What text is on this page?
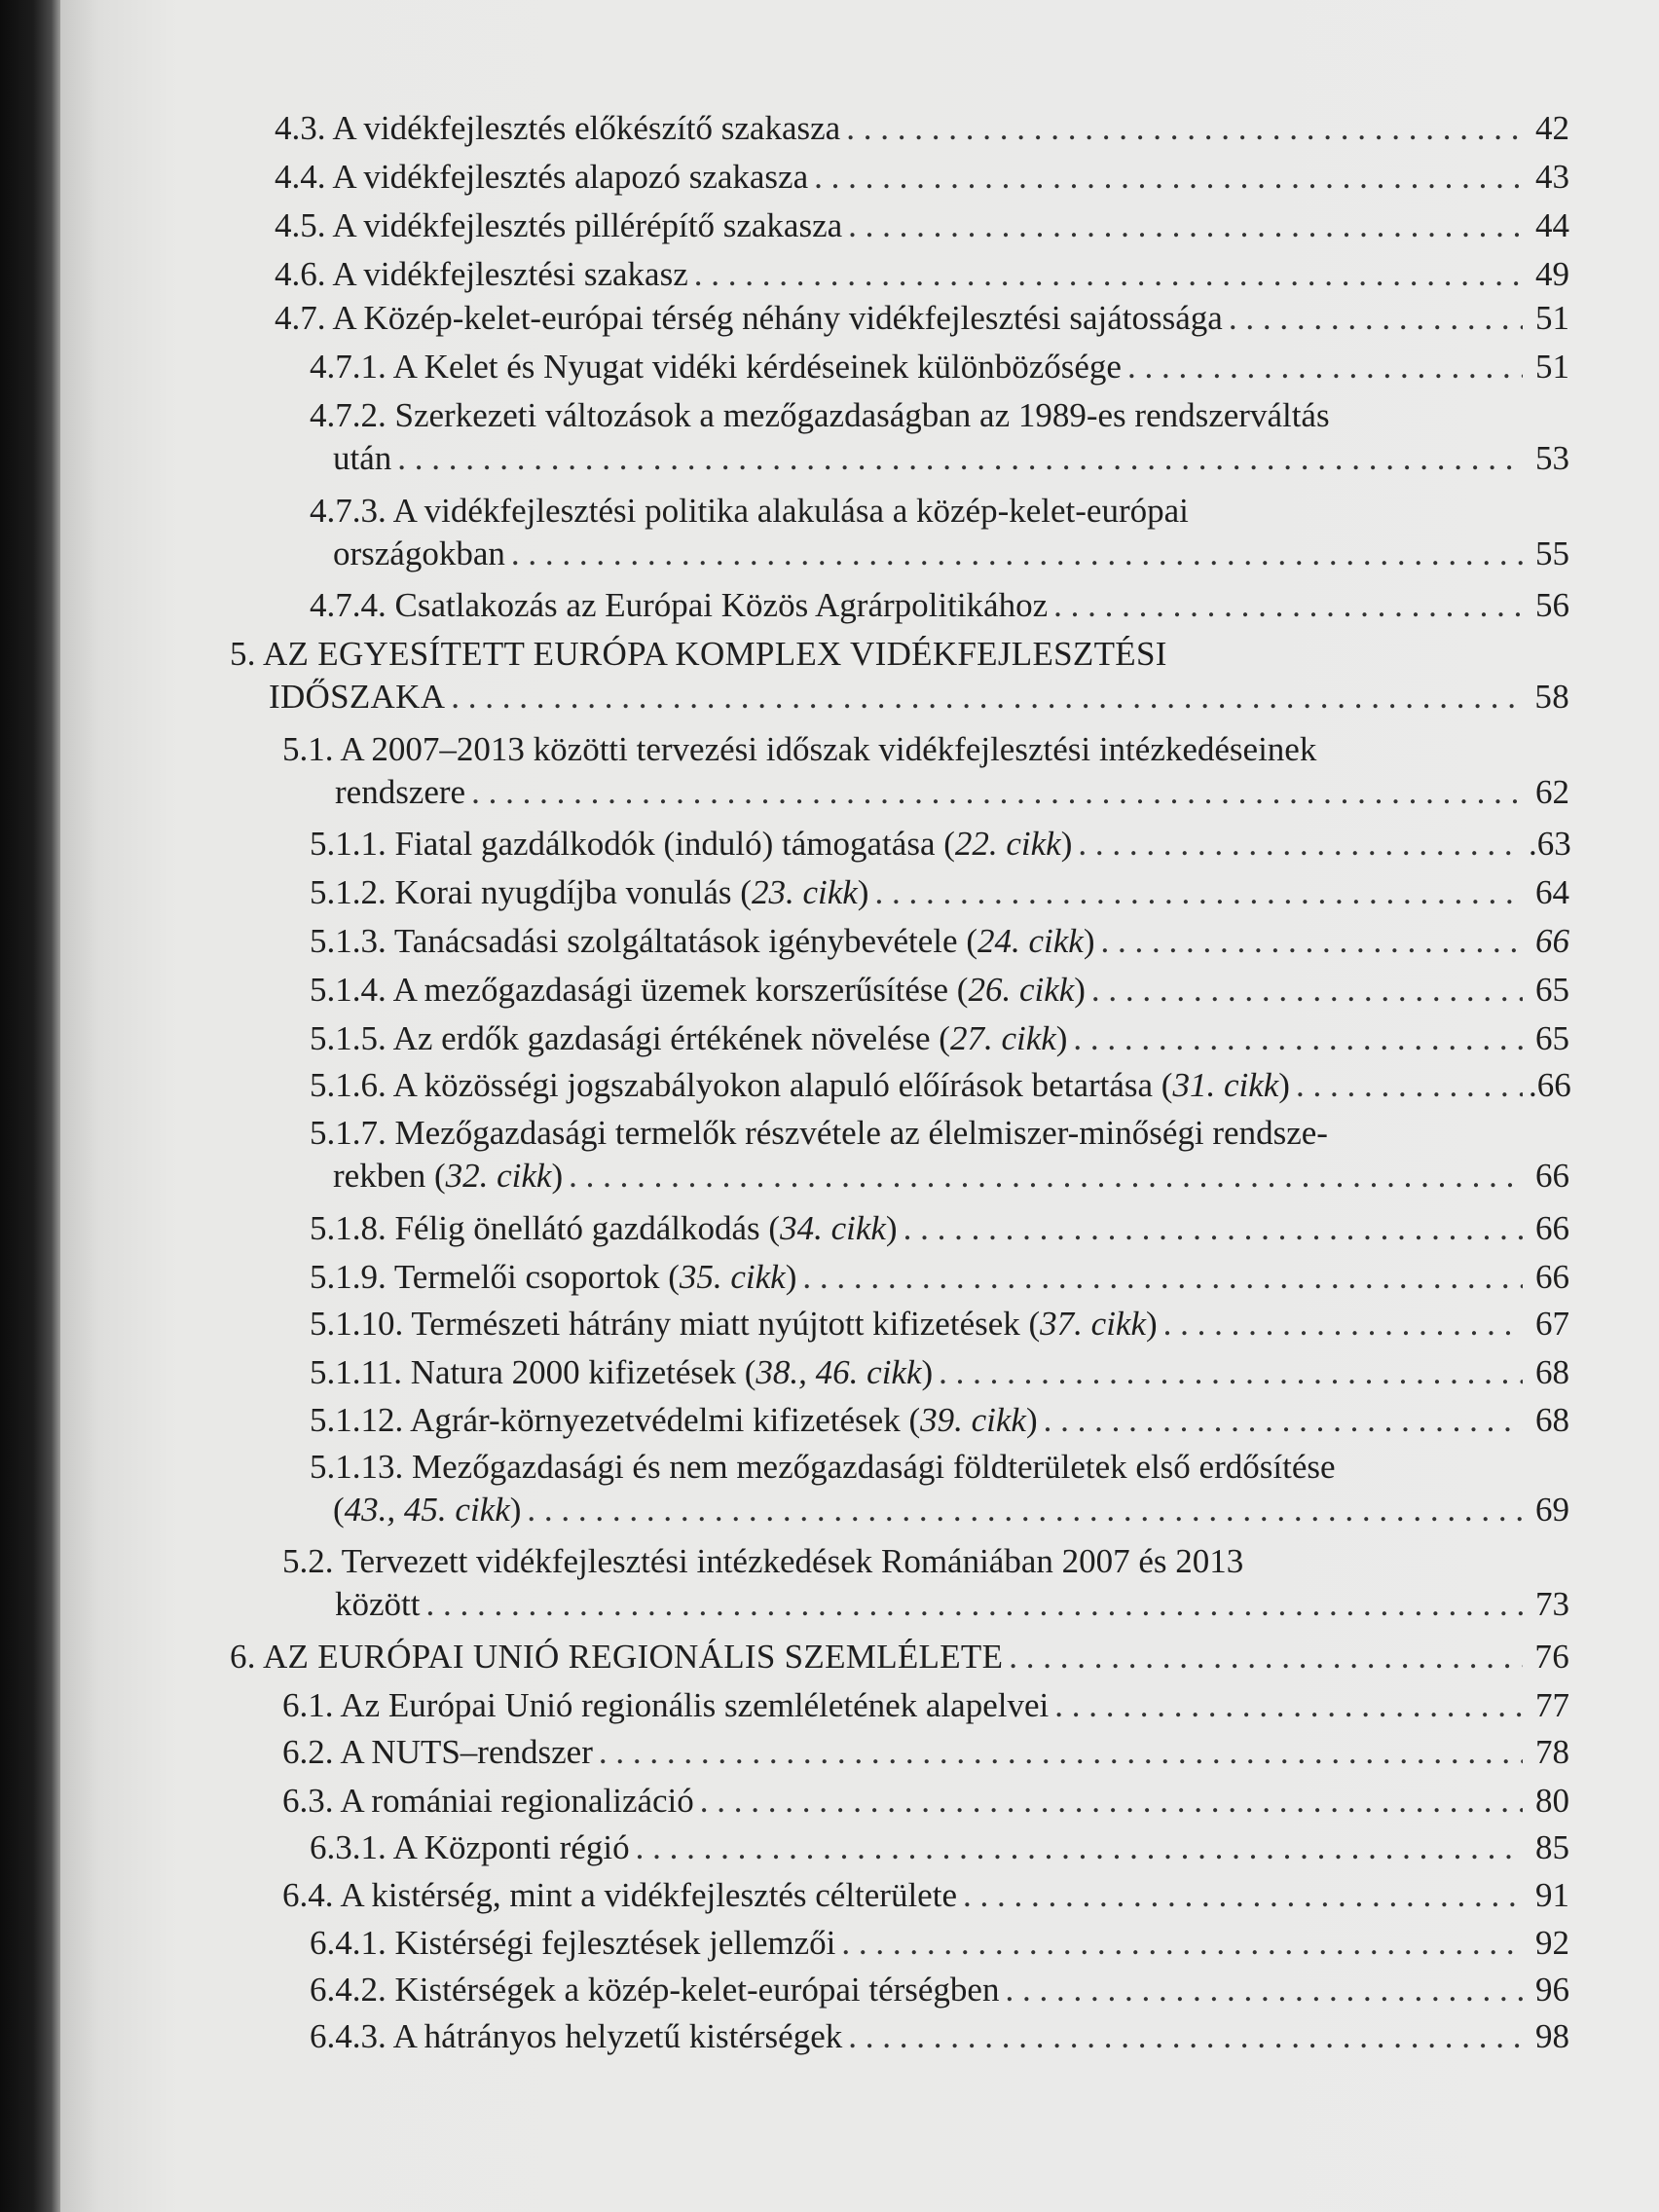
4.3. A vidékfejlesztés előkészítő szakasza . . .	42
4.4. A vidékfejlesztés alapozó szakasza . . .	43
4.5. A vidékfejlesztés pillérépítő szakasza . . .	44
4.6. A vidékfejlesztési szakasz . . .	49
4.7. A Közép-kelet-európai térség néhány vidékfejlesztési sajátossága . . .	51
4.7.1. A Kelet és Nyugat vidéki kérdéseinek különbözősége . . .	51
4.7.2. Szerkezeti változások a mezőgazdaságban az 1989-es rendszerváltás
után . . .	53
4.7.3. A vidékfejlesztési politika alakulása a közép-kelet-európai
országokban . . .	55
4.7.4. Csatlakozás az Európai Közös Agrárpolitikához . . .	56
5. AZ EGYESÍTETT EURÓPA KOMPLEX VIDÉKFEJLESZTÉSI
IDŐSZAKA . . .	58
5.1. A 2007–2013 közötti tervezési időszak vidékfejlesztési intézkedéseinek
rendszere . . .	62
5.1.1. Fiatal gazdálkodók (induló) támogatása (22. cikk) . . .	.63
5.1.2. Korai nyugdíjba vonulás (23. cikk) . . .	64
5.1.3. Tanácsadási szolgáltatások igénybevétele (24. cikk) . . .	66
5.1.4. A mezőgazdasági üzemek korszerűsítése (26. cikk) . . .	65
5.1.5. Az erdők gazdasági értékének növelése (27. cikk) . . .	65
5.1.6. A közösségi jogszabályokon alapuló előírások betartása (31. cikk) . . .	.66
5.1.7. Mezőgazdasági termelők részvétele az élelmiszer-minőségi rendsze-
rekben (32. cikk) . . .	66
5.1.8. Félig önellátó gazdálkodás (34. cikk) . . .	66
5.1.9. Termelői csoportok (35. cikk) . . .	66
5.1.10. Természeti hátrány miatt nyújtott kifizetések (37. cikk) . . .	67
5.1.11. Natura 2000 kifizetések (38., 46. cikk) . . .	68
5.1.12. Agrár-környezetvédelmi kifizetések (39. cikk) . . .	68
5.1.13. Mezőgazdasági és nem mezőgazdasági földterületek első erdősítése
(43., 45. cikk) . . .	69
5.2. Tervezett vidékfejlesztési intézkedések Romániában 2007 és 2013
között . . .	73
6. AZ EURÓPAI UNIÓ REGIONÁLIS SZEMLÉLETE . . .	76
6.1. Az Európai Unió regionális szemléletének alapelvei . . .	77
6.2. A NUTS–rendszer . . .	78
6.3. A romániai regionalizáció . . .	80
6.3.1. A Központi régió . . .	85
6.4. A kistérség, mint a vidékfejlesztés célterülete . . .	91
6.4.1. Kistérségi fejlesztések jellemzői . . .	92
6.4.2. Kistérségek a közép-kelet-európai térségben . . .	96
6.4.3. A hátrányos helyzetű kistérségek . . .	98
